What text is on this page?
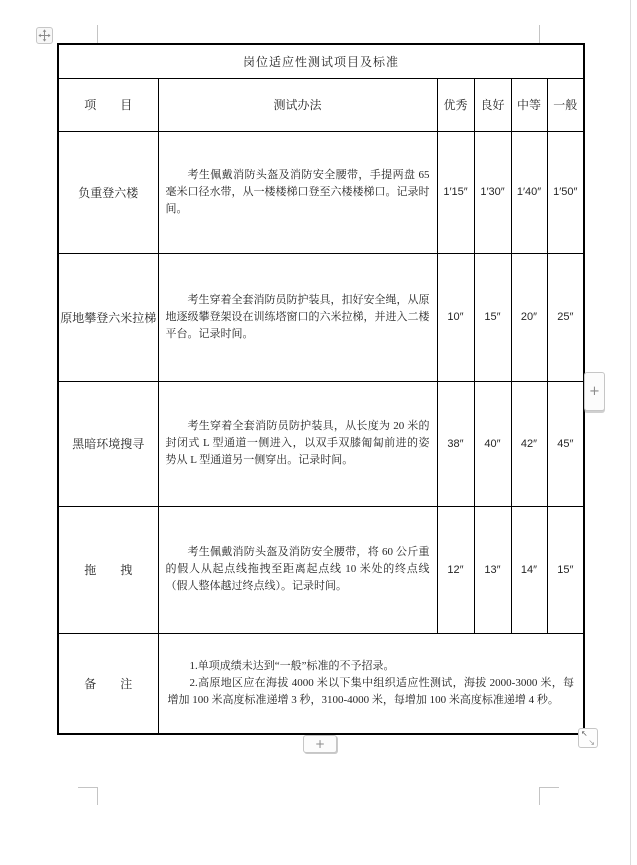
岗位适应性测试项目及标准					
项　　目	测试办法	优秀	良好	中等	一般
负重登六楼	考生佩戴消防头盔及消防安全腰带，手提两盘 65 毫米口径水带，从一楼楼梯口登至六楼楼梯口。记录时间。	1′15″	1′30″	1′40″	1′50″
原地攀登六米拉梯	考生穿着全套消防员防护装具，扣好安全绳，从原地逐级攀登架设在训练塔窗口的六米拉梯，并进入二楼平台。记录时间。	10″	15″	20″	25″
黑暗环境搜寻	考生穿着全套消防员防护装具，从长度为 20 米的封闭式 L 型通道一侧进入，以双手双膝匍匐前进的姿势从 L 型通道另一侧穿出。记录时间。	38″	40″	42″	45″
拖　　拽	考生佩戴消防头盔及消防安全腰带，将 60 公斤重的假人从起点线拖拽至距离起点线 10 米处的终点线（假人整体越过终点线）。记录时间。	12″	13″	14″	15″
备　　注	1.单项成绩未达到“一般”标准的不予招录。

2.高原地区应在海拔 4000 米以下集中组织适应性测试，海拔 2000-3000 米，每增加 100 米高度标准递增 3 秒，3100-4000 米，每增加 100 米高度标准递增 4 秒。				

+
+
↖
↘
